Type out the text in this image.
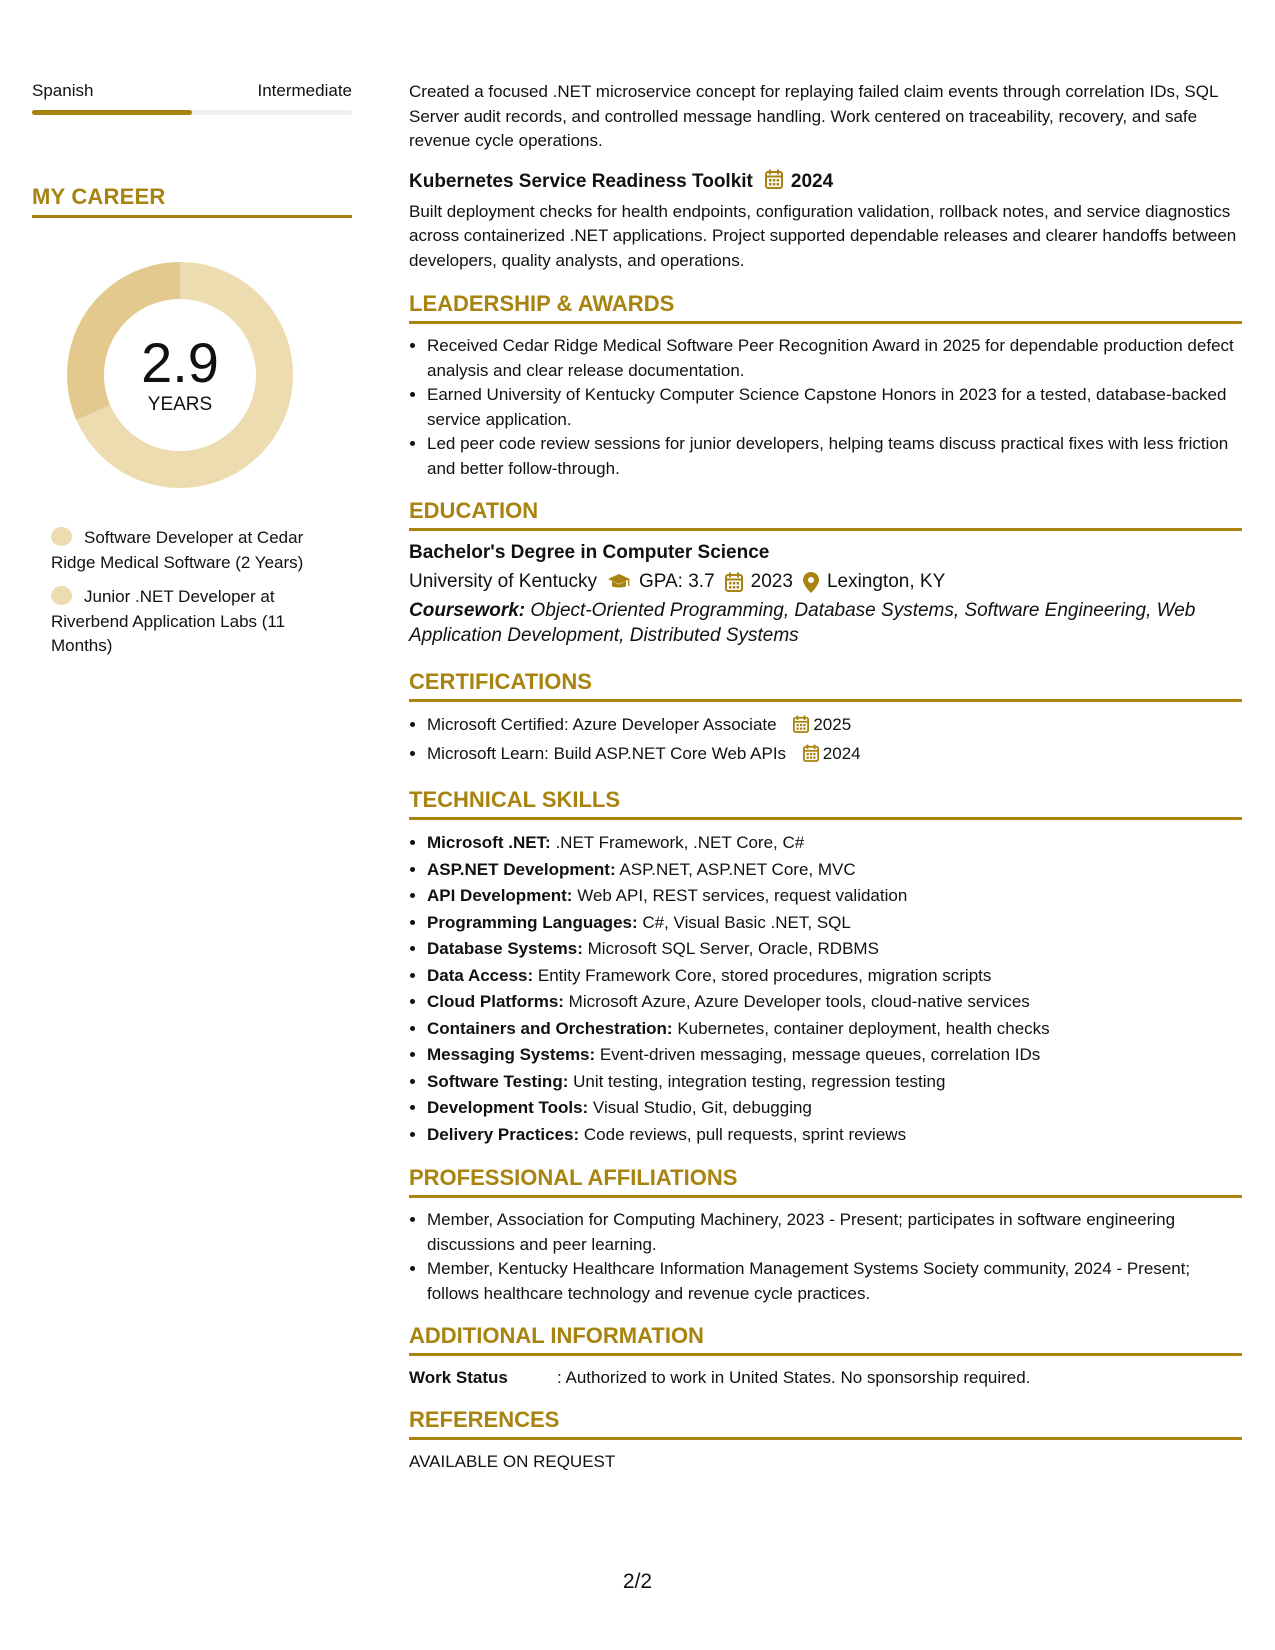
Spanish	Intermediate
MY CAREER
2.9
YEARS
Software Developer at Cedar Ridge Medical Software (2 Years)
Junior .NET Developer at Riverbend Application Labs (11 Months)

Created a focused .NET microservice concept for replaying failed claim events through correlation IDs, SQL Server audit records, and controlled message handling. Work centered on traceability, recovery, and safe revenue cycle operations.

Kubernetes Service Readiness Toolkit 2024

Built deployment checks for health endpoints, configuration validation, rollback notes, and service diagnostics across containerized .NET applications. Project supported dependable releases and clearer handoffs between developers, quality analysts, and operations.

LEADERSHIP & AWARDS
• Received Cedar Ridge Medical Software Peer Recognition Award in 2025 for dependable production defect analysis and clear release documentation.
• Earned University of Kentucky Computer Science Capstone Honors in 2023 for a tested, database-backed service application.
• Led peer code review sessions for junior developers, helping teams discuss practical fixes with less friction and better follow-through.
EDUCATION
Bachelor's Degree in Computer Science
University of Kentucky GPA: 3.7 2023 Lexington, KY
Coursework: Object-Oriented Programming, Database Systems, Software Engineering, Web Application Development, Distributed Systems
CERTIFICATIONS
• Microsoft Certified: Azure Developer Associate 2025
• Microsoft Learn: Build ASP.NET Core Web APIs 2024
TECHNICAL SKILLS
• Microsoft .NET: .NET Framework, .NET Core, C#
• ASP.NET Development: ASP.NET, ASP.NET Core, MVC
• API Development: Web API, REST services, request validation
• Programming Languages: C#, Visual Basic .NET, SQL
• Database Systems: Microsoft SQL Server, Oracle, RDBMS
• Data Access: Entity Framework Core, stored procedures, migration scripts
• Cloud Platforms: Microsoft Azure, Azure Developer tools, cloud-native services
• Containers and Orchestration: Kubernetes, container deployment, health checks
• Messaging Systems: Event-driven messaging, message queues, correlation IDs
• Software Testing: Unit testing, integration testing, regression testing
• Development Tools: Visual Studio, Git, debugging
• Delivery Practices: Code reviews, pull requests, sprint reviews
PROFESSIONAL AFFILIATIONS
• Member, Association for Computing Machinery, 2023 - Present; participates in software engineering discussions and peer learning.
• Member, Kentucky Healthcare Information Management Systems Society community, 2024 - Present; follows healthcare technology and revenue cycle practices.
ADDITIONAL INFORMATION
Work Status	: Authorized to work in United States. No sponsorship required.
REFERENCES
AVAILABLE ON REQUEST
2/2
